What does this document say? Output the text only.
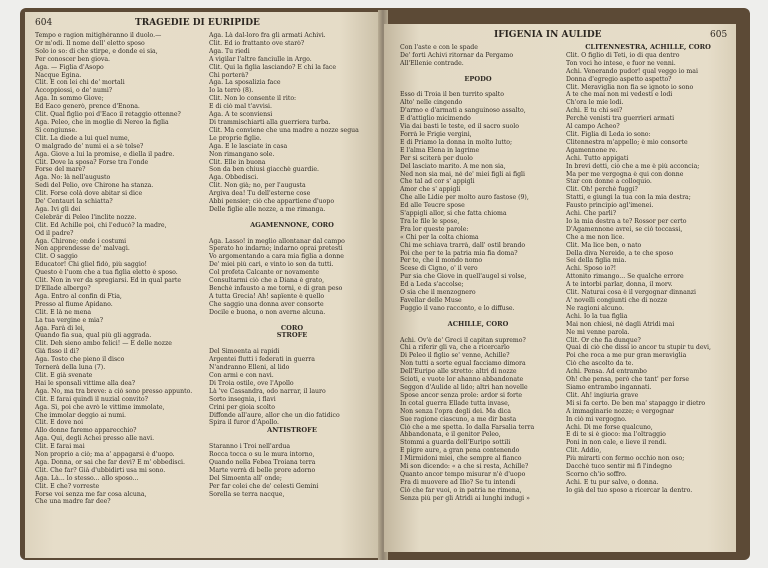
604	TRAGEDIE DI EURIPIDE
Tempo e ragion mitighéranno il duolo.—
Or m'odi. Il nome dell' eletto sposo
Solo io so: di che stirpe, e donde ei sia,
Per conoscer ben giova.
Aga. — Figlia d'Asopo
Nacque Egina.
Clit. E con lei chi de' mortali
Accoppiossi, o de' numi?
Aga. In sommo Giove;
Ed Eaco generò, prence d'Enona.
Clit. Qual figlio poi d'Eaco il retaggio ottenne?
Aga. Peleo, che in moglie di Nereo la figlia
Si congiunse.
Clit. La diede a lui quel nume,
O malgrado de' numi ei a sè tolse?
Aga. Giove a lui la promise, e diella il padre.
Clit. Dove la sposa? Forse tra l'onde
Forse del mare?
Aga. No: là nell'augusto
Sedi del Pelio, ove Chirone ha stanza.
Clit. Forse colà dove abitar si dice
De' Centauri la schiatta?
Aga. Ivi gli dei
Celebrâr di Peleo l'inclite nozze.
Clit. Ed Achille poi, chi l'educò? la madre,
Od il padre?
Aga. Chirone; onde i costumi
Non apprendesse de' malvagi.
Clit. O saggio
Educator! Chi gliel fidò, più saggio!
Questo è l'uom che a tua figlia eletto è sposo.
Clit. Non in ver da spregiarsi. Ed in qual parte
D'Ellade albergo?
Aga. Entro al confin di Ftia,
Presso al fiume Apidano.
Clit. E là ne mena
La tua vergine e mia?
Aga. Farà di lei,
Quando fia sua, qual più gli aggrada.
Clit. Deh sieno ambo felici! — E delle nozze
Già fisso il dì?
Aga. Tosto che pieno il disco
Tornerà della luna (7).
Clit. E già svenate
Hai le sponsali vittime alla dea?
Aga. No, ma tra breve: a ciò sono presso appunto.
Clit. E farai quindi il nuzial convito?
Aga. Sì, poi che avrò le vittime immolate,
Che immolar deggio ai numi.
Clit. E dove noi
Allo donne faremo apparecchio?
Aga. Qui, degli Achei presso alle navi.
Clit. E farai mai
Non proprio a ciò; ma a' appagarsi è d'uopo.
Aga. Donna, or sai che far devi? E m' obbedisci.
Clit. Che far? Già d'ubbidirti usa mi sono.
Aga. Là... lo stesso... allo sposo...
Clit. E che? vorreste
Forse voi senza me far cosa alcuna,
Che una madre far dee?
Aga. Là dal-loro fra gli armati Achivi.
Clit. Ed io frattanto ove starò?
Aga. Tu riedi
A vigilar l'altre fanciulle in Argo.
Clit. Qui la figlia lasciando? E chi la face
Chi porterà?
Aga. La sposalizia face
Io la terrò (8).
Clit. Non lo consente il rito:
E di ciò mal t'avvisi.
Aga. A te sconviensi
Di trammischiarti alla guerriera turba.
Clit. Ma conviene che una madre a nozze segua
Le proprie figlie.
Aga. E le lasciate in casa
Non rimangano sole.
Clit. Elle in buona
Son da ben chiusi giacchè guardie.
Aga. Obbedisci.
Clit. Non già; no, per l'augusta
Argiva dea! Tu dell'esterne cose
Abbi pensier; ciò che appartiene d'uopo
Delle figlie alle nozze, a me rimanga.

AGAMENNONE, CORO

Aga. Lasso! in meglio allontanar dal campo
Sperato ho indarno; indarno oprai pretesti
Vo argomentando a cara mia figlia a donne
De' miei più cari, e vinto io son da tutti.
Col profeta Calcante or novamente
Consultarmi ciò che a Diana è grato,
Benchè infausto a me torni, e di gran peso
A tutta Grecia! Ah! sapïente è quello
Che saggio una donna aver consorte
Docile e buona, o non averne alcuna.

CORO
STROFE

Del Simoenta ai rapidi
Argentei flutti i federati in guerra
N'andranno Elleni, al lido
Con armi e con navi.
Di Troia ostile, ove l'Apollo
Là 've Cassandra, odo narrar, il lauro
Sorto insegnia, i flavi
Crini per gioia scolto
Diffonde all'aure, allor che un dio fatidico
Spira il furor d'Apollo.
ANTISTROFE

Staranno i Troi nell'ardua
Rocca tocca o su le mura intorno,
Quando nella Febea Troiana terra
Marte verrà di belle prore adorno
Del Simoenta all' onde;
Per far colei che de' celesti Gemini
Sorella se terra nacque,
IFIGENIA IN AULIDE	605
Con l'aste e con le spade
De' forti Achivi ritornar da Pergamo
All'Ellenie contrade.

EPODO

Esso di Troia il ben turrito spalto
Alto' nelle cingendo
D'armo e d'armati a sanguinoso assalto,
E d'attiglio micimendo
Via dai basti le teste, ed il sacro suolo
Forrà le Frigie vergini,
E di Priamo la donna in molto lutto;
E l'alma Elena in lagrime
Per si sciterà per duolo
Del lasciato marito. A me non sia,
Ned non sia mai, né de' miei figli ai figli
Che tal ad cor s' appigli
Amor che s' appigli
Che alle Lidie per molto auro fastose (9),
Ed alle Teucre spose
S'appigli allor, si che fatta chioma
Tra le file le spose,
Fra lor queste parole:
« Chi per la colta chioma
Chi me schiava trarrà, dall' ostil brando
Poi che per te la patria mia fia doma?
Per te, che il mondo nomo
Scese di Cigno, o' il vero
Pur sia che Giove in quell'augel si volse,
Ed a Leda s'accolse;
O sia che il menzognero
Favellar delle Muse
Fuggìo il vano racconto, e lo diffuse.

ACHILLE, CORO

Achi. Ov'è de' Greci il capitan supremo?
Chi a riferir gli va, che a ricercarlo
Di Peleo il figlio se' venne, Achille?
Non tutti a sorte egual facciamo dimora
Dell'Euripo alle stretto: altri di nozze
Scioti, e vuote lor ahanno abbandonate
Seggon d'Aulide al lido; altri han novelle
Spose ancor senza prole: ardor si forte
In cotal guerra Ellade tutta invase,
Non senza l'opra degli dei. Ma dica
Sue ragione ciascuno, a me dir basta
Ciò che a me spetta. Io dalla Farsalia terra
Abbandonata, e il genitor Peleo,
Stommi a guarda dell'Euripo sottili
E pigre aure, a gran pena contenendo
I Mirmidoni miei, che sempre al fianco
Mi son dicendo: « a che si resta, Achille?
Quanto ancor tempo misurar n'è d'uopo
Fra di muovere ad Ilio? Se tu intendi
Ciò che far vuoi, o in patria ne rimena,
Senza più per gli Atridi ai lunghi indugi »
CLITENNESTRA, ACHILLE, CORO
Clit. O figlio di Teti, io di qua dentro
Ton voci ho intese, e fuor ne venni.
Achi. Venerando pudor! qual veggo io mai
Donna d'egregio aspetto aspetto?
Clit. Meraviglia non fia se ignoto io sono
A te che mai non mi vedesti e lodi
Ch'ora le mie lodi.
Achi. E tu chi sei?
Perchè venisti tra guerrieri armati
Al campo Acheo?
Clit. Figlia di Leda io sono:
Clitennestra m'appello; è mio consorte
Agamennone re.
Achi. Tutto appigati
In brevi detti, ciò che a me è più acconcia;
Ma per me vergogna è qui con donne
Star con donne a colloquio.
Clit. Oh! perchè fuggi?
Statti, e giungi la tua con la mia destra;
Fausto principio agl'imenei.
Achi. Che parli?
Io la mia destra a te? Rossor per certo
D'Agamennone avrei, se ciò toccassi,
Che a me non lice.
Clit. Ma lice ben, o nato
Della diva Nereide, a te che sposo
Sei della figlia mia.
Achi. Sposo io?!
Attonito rimango... Se qualche errore
A te intorbi parlar, donna, il morv.
Clit. Naturai cosa è il vergognar dinnanzi
A' novelli congiunti che di nozze
Ne ragioni alcuno.
Achi. Io la tua figlia
Mai non chiesi, né dagli Atridi mai
Ne mi venne parola.
Clit. Or che fia dunque?
Quai di ciò che dissi io ancor tu stupir tu devi,
Poi che roca a me pur gran meraviglia
Ciò che ascolto da te.
Achi. Pensa. Ad entrambo
Oh! che pensa, però che tant' per forse
Siamo entrambo ingannati.
Clit. Ah! ingiuria grave
Mi si fa certo. De ben ma' stapaggo ir dietro
A immaginarie nozze; e vergognar
In ciò mi vergogno.
Achi. Di me forse qualcuno,
E di te si è gioco: ma l'oltraggio
Poni in non cale, e lieve il rendi.
Clit. Addio,
Più mirarti con fermo occhio non oso;
Dacchè tuco sentir mi fi l'indegno
Scorno ch'io soffro.
Achi. E tu pur salve, o donna.
Io già del tuo sposo a ricercar la dentro.
